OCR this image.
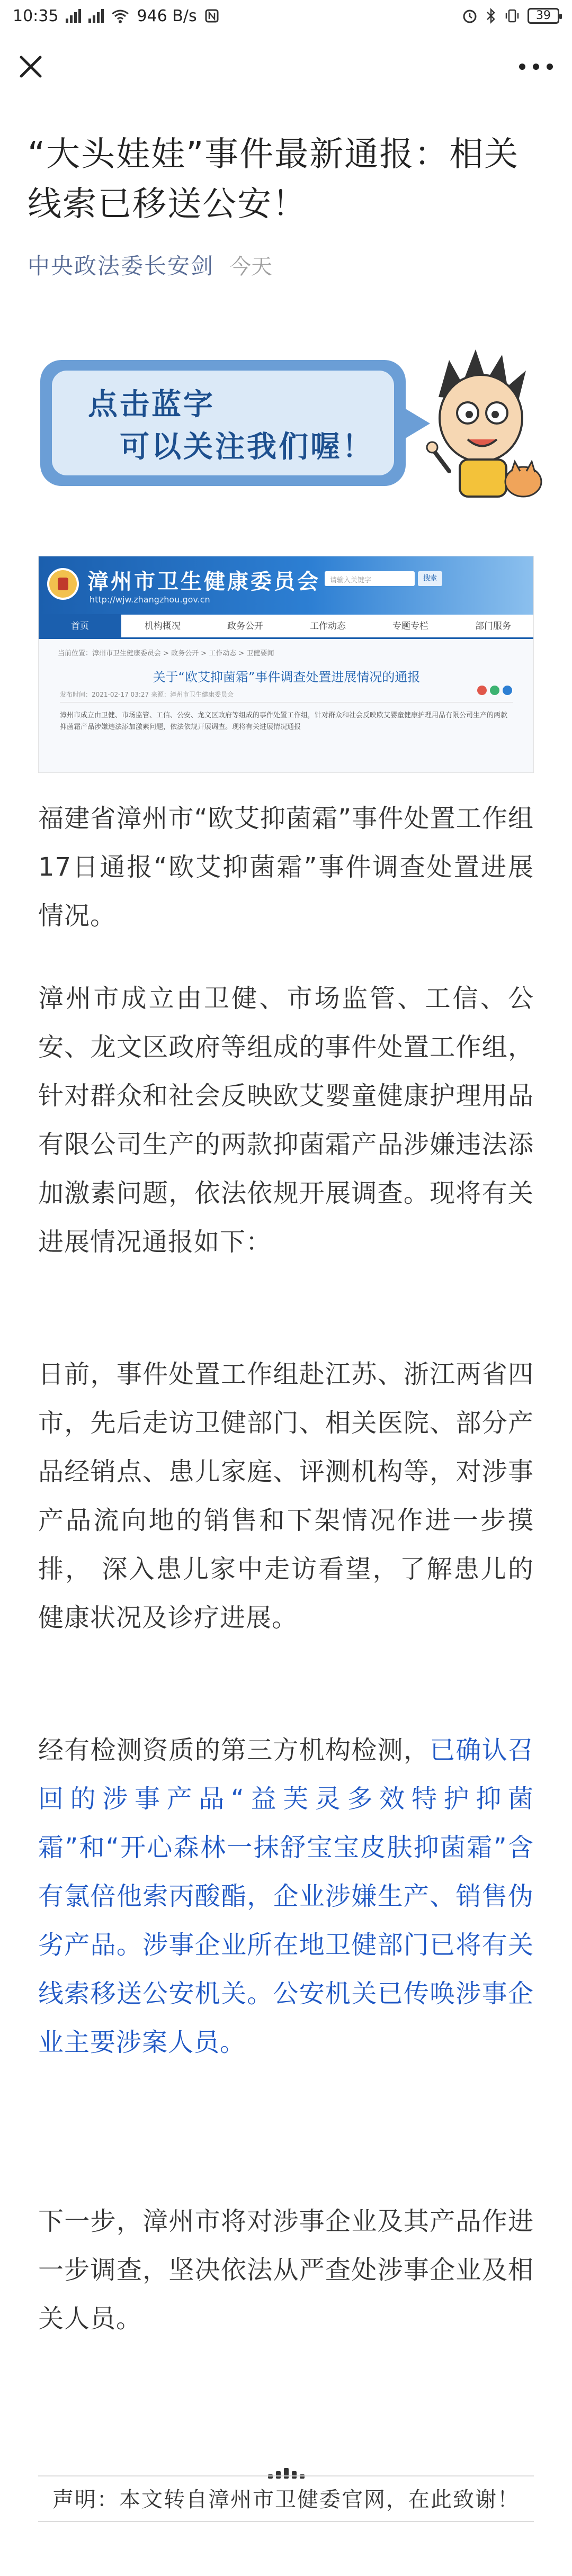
10:35	946 B/s	39
“大头娃娃”事件最新通报：相关线索已移送公安！
中央政法委长安剑 今天
点击蓝字
可以关注我们喔！
漳州市卫生健康委员会
http://wjw.zhangzhou.gov.cn
请输入关键字	搜索
首页	机构概况	政务公开	工作动态	专题专栏	部门服务
当前位置：漳州市卫生健康委员会 > 政务公开 > 工作动态 > 卫健要闻
关于“欧艾抑菌霜”事件调查处置进展情况的通报
发布时间：2021-02-17 03:27 来源：漳州市卫生健康委员会
漳州市成立由卫健、市场监管、工信、公安、龙文区政府等组成的事件处置工作组，针对群众和社会反映欧艾婴童健康护理用品有限公司生产的两款抑菌霜产品涉嫌违法添加激素问题，依法依规开展调查。现将有关进展情况通报

福建省漳州市“欧艾抑菌霜”事件处置工作组17日通报“欧艾抑菌霜”事件调查处置进展情况。

漳州市成立由卫健、市场监管、工信、公安、龙文区政府等组成的事件处置工作组，针对群众和社会反映欧艾婴童健康护理用品有限公司生产的两款抑菌霜产品涉嫌违法添加激素问题，依法依规开展调查。现将有关进展情况通报如下：

日前，事件处置工作组赴江苏、浙江两省四市，先后走访卫健部门、相关医院、部分产品经销点、患儿家庭、评测机构等，对涉事产品流向地的销售和下架情况作进一步摸排， 深入患儿家中走访看望，了解患儿的健康状况及诊疗进展。

经有检测资质的第三方机构检测，已确认召回的涉事产品“益芙灵多效特护抑菌霜”和“开心森林一抹舒宝宝皮肤抑菌霜”含有氯倍他索丙酸酯，企业涉嫌生产、销售伪劣产品。涉事企业所在地卫健部门已将有关线索移送公安机关。公安机关已传唤涉事企业主要涉案人员。

下一步，漳州市将对涉事企业及其产品作进一步调查，坚决依法从严查处涉事企业及相关人员。

声明：本文转自漳州市卫健委官网，在此致谢！
